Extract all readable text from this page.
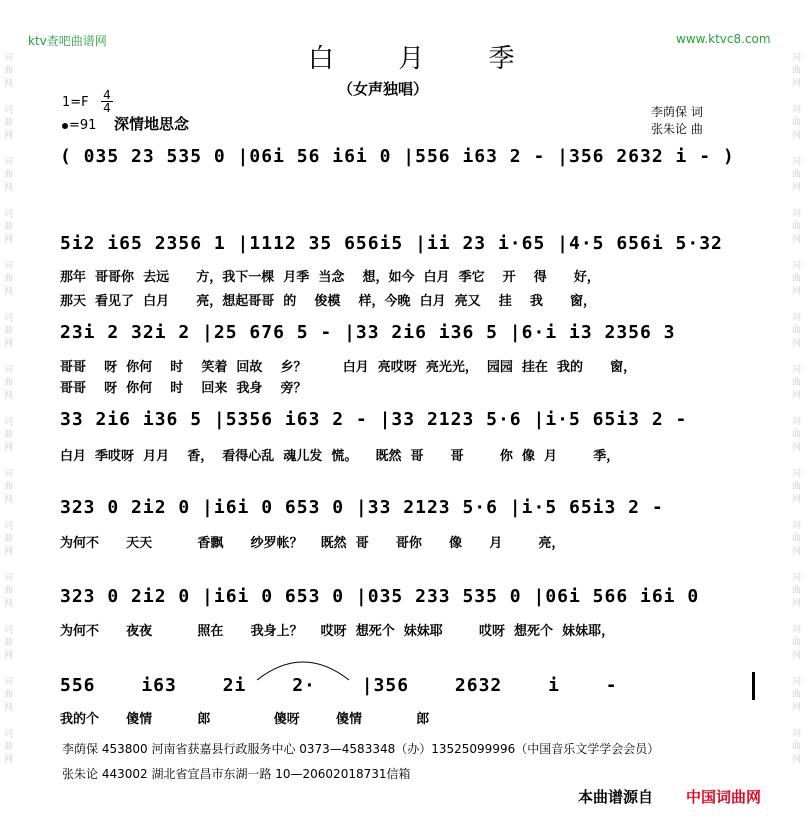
ktv查吧曲谱网	www.ktvc8.com
词曲网
词曲网
词曲网
词曲网
词曲网
词曲网
词曲网
词曲网
词曲网
词曲网
词曲网
词曲网
词曲网
词曲网
词曲网
词曲网
词曲网
词曲网
词曲网
词曲网
词曲网
词曲网
词曲网
词曲网
词曲网
词曲网
词曲网
词曲网
白 月 季
（女声独唱）
1=F 4
4
=91 深情地思念
李荫保 词
张朱论 曲
( 035 23 535 0 |06i 56 i6i 0 |556 i63 2 - |356 2632 i - )
5i2 i65 2356 1 |1112 35 656i5 |ii 23 i·65 |4·5 656i 5·32
那年  哥哥你  去远      方，我下一棵  月季  当念    想，如今  白月  季它    开    得      好，
那天  看见了  白月      亮，想起哥哥  的    俊模    样，今晚  白月  亮又    挂    我      窗，
23i 2 32i 2 |25 676 5 - |33 2i6 i36 5 |6·i i3 2356 3
哥哥    呀  你何    时    笑着  回故    乡？        白月  亮哎呀  亮光光，  园园  挂在  我的      窗，
哥哥    呀  你何    时    回来  我身    旁？
33 2i6 i36 5 |5356 i63 2 - |33 2123 5·6 |i·5 65i3 2 -
白月  季哎呀  月月    香，  看得心乱  魂儿发  慌。    既然  哥      哥        你  像  月        季，
323 0 2i2 0 |i6i 0 653 0 |33 2123 5·6 |i·5 65i3 2 -
为何不      天天          香飘      纱罗帐？    既然  哥      哥你      像      月        亮，
323 0 2i2 0 |i6i 0 653 0 |035 233 535 0 |06i 566 i6i 0
为何不      夜夜          照在      我身上？    哎呀  想死个  妹妹耶        哎呀  想死个  妹妹耶，
556 i63 2i 2· |356 2632 i -
我的个      傻情          郎              傻呀        傻情            郎
李荫保 453800 河南省获嘉县行政服务中心 0373—4583348（办）13525099996（中国音乐文学学会会员）
张朱论 443002 湖北省宜昌市东湖一路 10—20602018731信箱
本曲谱源自 中国词曲网
